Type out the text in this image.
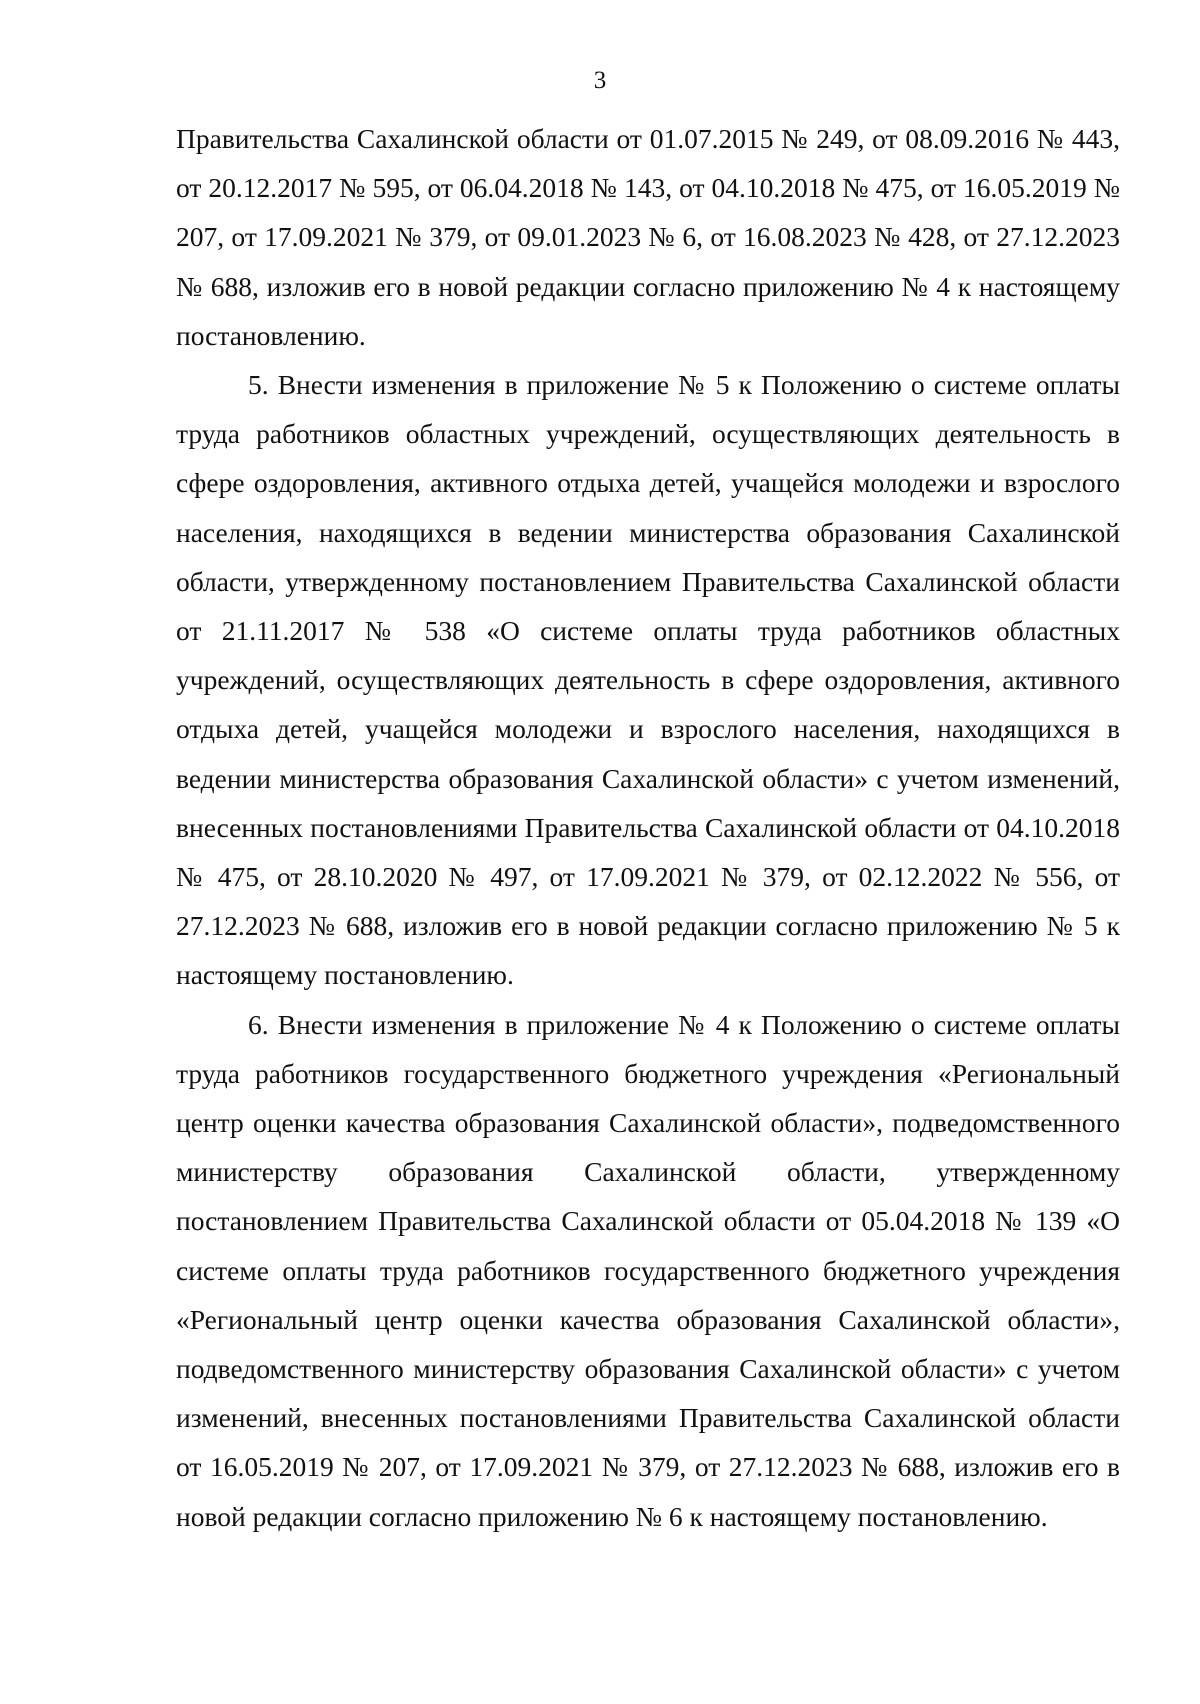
3

Правительства Сахалинской области от 01.07.2015 № 249, от 08.09.2016 № 443, от 20.12.2017 № 595, от 06.04.2018 № 143, от 04.10.2018 № 475, от 16.05.2019 № 207, от 17.09.2021 № 379, от 09.01.2023 № 6, от 16.08.2023 № 428, от 27.12.2023 № 688, изложив его в новой редакции согласно приложению № 4 к настоящему постановлению.

5. Внести изменения в приложение № 5 к Положению о системе оплаты труда работников областных учреждений, осуществляющих деятельность в сфере оздоровления, активного отдыха детей, учащейся молодежи и взрослого населения, находящихся в ведении министерства образования Сахалинской области, утвержденному постановлением Правительства Сахалинской области от 21.11.2017 № 538 «О системе оплаты труда работников областных учреждений, осуществляющих деятельность в сфере оздоровления, активного отдыха детей, учащейся молодежи и взрослого населения, находящихся в ведении министерства образования Сахалинской области» с учетом изменений, внесенных постановлениями Правительства Сахалинской области от 04.10.2018 № 475, от 28.10.2020 № 497, от 17.09.2021 № 379, от 02.12.2022 № 556, от 27.12.2023 № 688, изложив его в новой редакции согласно приложению № 5 к настоящему постановлению.

6. Внести изменения в приложение № 4 к Положению о системе оплаты труда работников государственного бюджетного учреждения «Региональный центр оценки качества образования Сахалинской области», подведомственного министерству образования Сахалинской области, утвержденному постановлением Правительства Сахалинской области от 05.04.2018 № 139 «О системе оплаты труда работников государственного бюджетного учреждения «Региональный центр оценки качества образования Сахалинской области», подведомственного министерству образования Сахалинской области» с учетом изменений, внесенных постановлениями Правительства Сахалинской области от 16.05.2019 № 207, от 17.09.2021 № 379, от 27.12.2023 № 688, изложив его в новой редакции согласно приложению № 6 к настоящему постановлению.
